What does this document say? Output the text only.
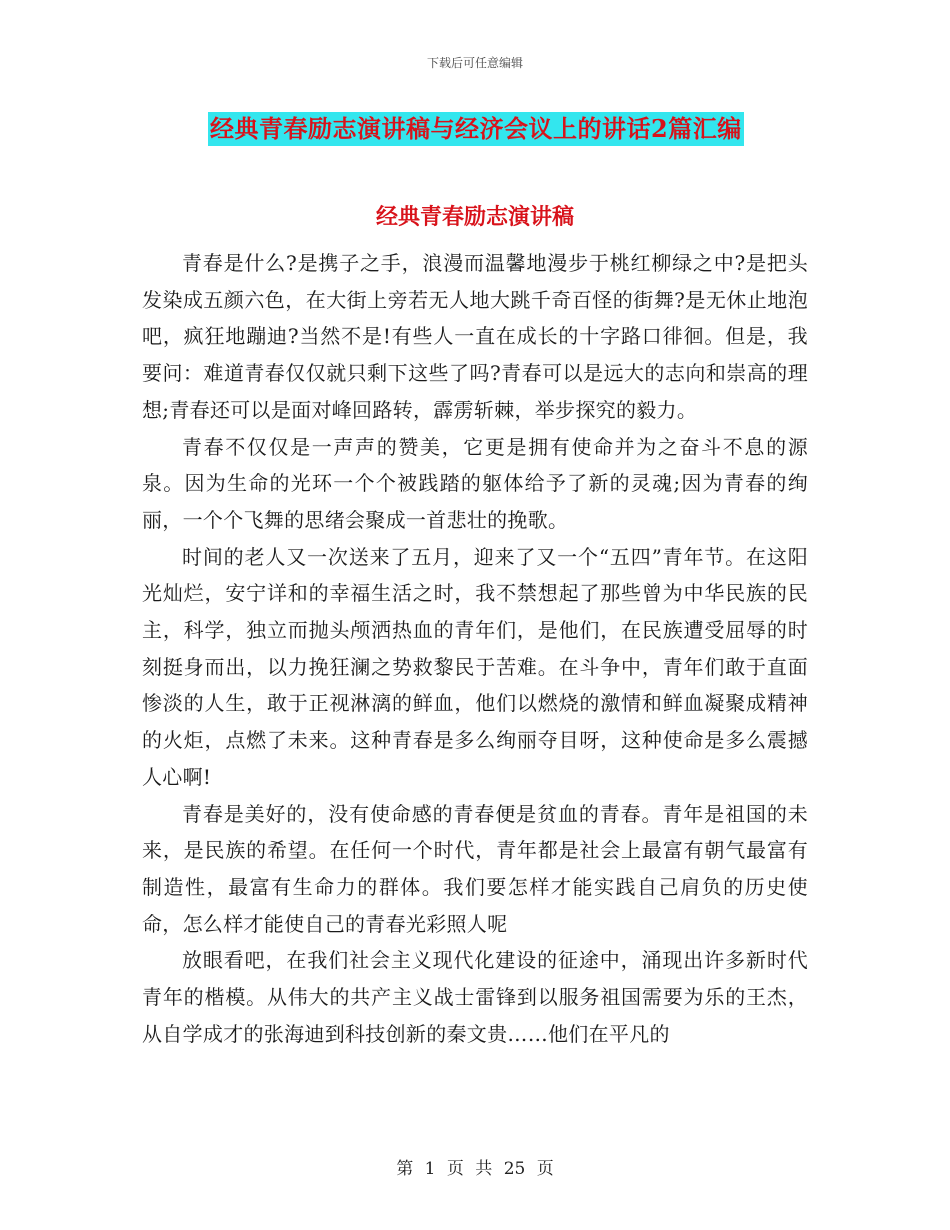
下载后可任意编辑
经典青春励志演讲稿与经济会议上的讲话2篇汇编
经典青春励志演讲稿

青春是什么?是携子之手，浪漫而温馨地漫步于桃红柳绿之中?是把头发染成五颜六色，在大街上旁若无人地大跳千奇百怪的街舞?是无休止地泡吧，疯狂地蹦迪?当然不是!有些人一直在成长的十字路口徘徊。但是，我要问：难道青春仅仅就只剩下这些了吗?青春可以是远大的志向和崇高的理想;青春还可以是面对峰回路转，霹雳斩棘，举步探究的毅力。

青春不仅仅是一声声的赞美，它更是拥有使命并为之奋斗不息的源泉。因为生命的光环一个个被践踏的躯体给予了新的灵魂;因为青春的绚丽，一个个飞舞的思绪会聚成一首悲壮的挽歌。

时间的老人又一次送来了五月，迎来了又一个“五四”青年节。在这阳光灿烂，安宁详和的幸福生活之时，我不禁想起了那些曾为中华民族的民主，科学，独立而抛头颅洒热血的青年们，是他们，在民族遭受屈辱的时刻挺身而出，以力挽狂澜之势救黎民于苦难。在斗争中，青年们敢于直面惨淡的人生，敢于正视淋漓的鲜血，他们以燃烧的激情和鲜血凝聚成精神的火炬，点燃了未来。这种青春是多么绚丽夺目呀，这种使命是多么震撼人心啊!

青春是美好的，没有使命感的青春便是贫血的青春。青年是祖国的未来，是民族的希望。在任何一个时代，青年都是社会上最富有朝气最富有制造性，最富有生命力的群体。我们要怎样才能实践自己肩负的历史使命，怎么样才能使自己的青春光彩照人呢

放眼看吧，在我们社会主义现代化建设的征途中，涌现出许多新时代青年的楷模。从伟大的共产主义战士雷锋到以服务祖国需要为乐的王杰，从自学成才的张海迪到科技创新的秦文贵……他们在平凡的

第 1 页 共 25 页
